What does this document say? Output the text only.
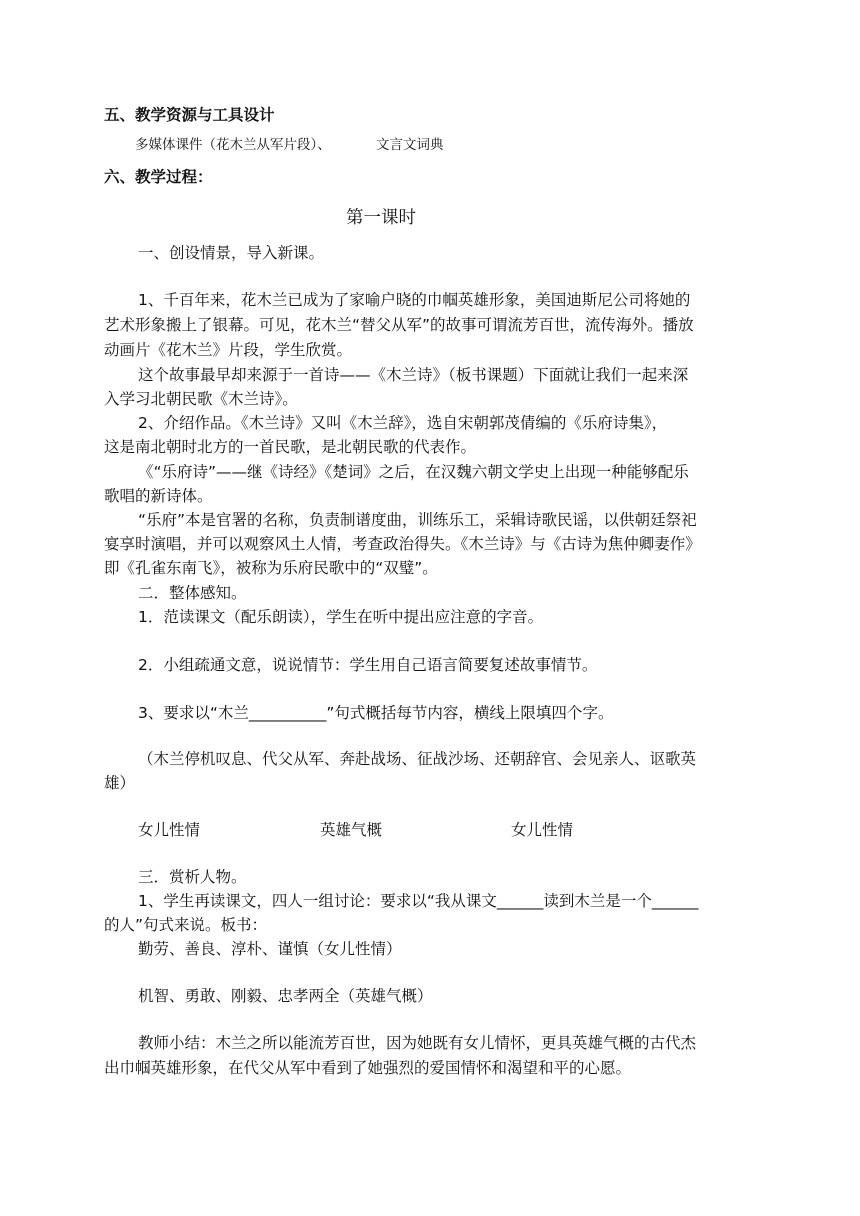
五、教学资源与工具设计
多媒体课件（花木兰从军片段）、	文言文词典
六、教学过程：
第一课时
一、创设情景，导入新课。
1、千百年来，花木兰已成为了家喻户晓的巾帼英雄形象，美国迪斯尼公司将她的
艺术形象搬上了银幕。可见，花木兰“替父从军”的故事可谓流芳百世，流传海外。播放
动画片《花木兰》片段，学生欣赏。
这个故事最早却来源于一首诗——《木兰诗》（板书课题）下面就让我们一起来深
入学习北朝民歌《木兰诗》。
2、介绍作品。《木兰诗》又叫《木兰辞》，选自宋朝郭茂倩编的《乐府诗集》，
这是南北朝时北方的一首民歌，是北朝民歌的代表作。
《“乐府诗”——继《诗经》《楚词》之后，在汉魏六朝文学史上出现一种能够配乐
歌唱的新诗体。
“乐府”本是官署的名称，负责制谱度曲，训练乐工，采辑诗歌民谣，以供朝廷祭祀
宴享时演唱，并可以观察风土人情，考查政治得失。《木兰诗》与《古诗为焦仲卿妻作》
即《孔雀东南飞》，被称为乐府民歌中的“双璧”。
二．整体感知。
1．范读课文（配乐朗读），学生在听中提出应注意的字音。
2．小组疏通文意，说说情节：学生用自己语言简要复述故事情节。
3、要求以“木兰__________”句式概括每节内容，横线上限填四个字。
（木兰停机叹息、代父从军、奔赴战场、征战沙场、还朝辞官、会见亲人、讴歌英
雄）
女儿性情	英雄气概	女儿性情
三．赏析人物。
1、学生再读课文，四人一组讨论：要求以“我从课文______读到木兰是一个______
的人”句式来说。板书：
勤劳、善良、淳朴、谨慎（女儿性情）
机智、勇敢、刚毅、忠孝两全（英雄气概）
教师小结：木兰之所以能流芳百世，因为她既有女儿情怀，更具英雄气概的古代杰
出巾帼英雄形象，在代父从军中看到了她强烈的爱国情怀和渴望和平的心愿。
